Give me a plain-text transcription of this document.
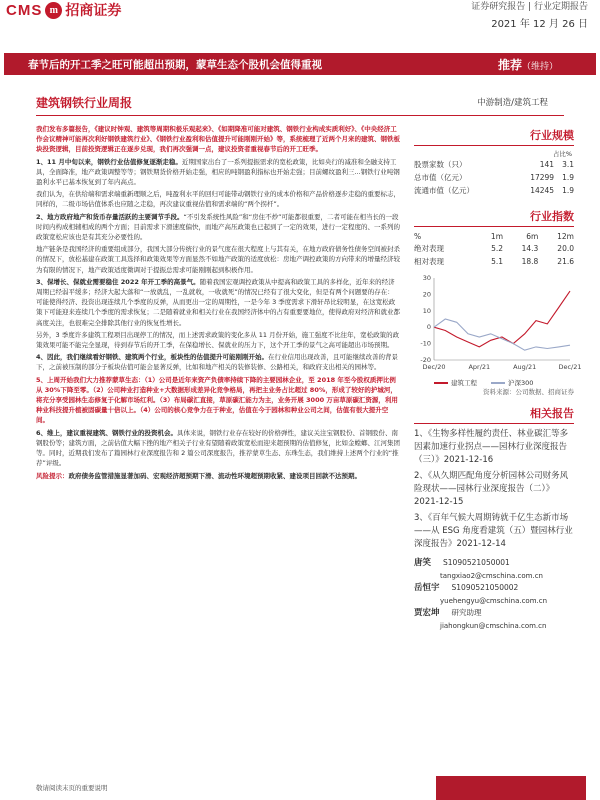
CMS m 招商证券	证券研究报告 | 行业定期报告
2021 年 12 月 26 日
春节后的开工季之旺可能超出预期，蒙草生态个股机会值得重视	推荐（维持）
建筑钢铁行业周报	中游制造/建筑工程

我们发布多篇报告，《建议时钟观、建筑等周期积极乐观起来》、《如期降准可能对建筑、钢铁行业构成实质利好》、《中央经济工作会议精神可能再次利好钢铁建筑行业》、《钢铁行业盈利和估值提升可能刚刚开始》等，系统梳理了近两个月来的建筑、钢铁板块投资逻辑，目前投资逻辑正在逐步兑现，我们再次强调一点，建议投资者重视春节后的开工旺季。

1、11 月中旬以来，钢铁行业估值修复逐渐走稳。近期国家出台了一系列提振需求的宽松政策，比如央行的减准和全融支持工具，全面降准，地产政策调整等等；钢铁期货价格开始走强，相应的吨钢盈利指标也开始走强；目前螺纹盈利三...钢铁行业吨钢盈利水平已基本恢复到了年内高点。

我们认为，在供给端和需求端重新理顺之后，吨盈利水平的回归可能带动钢铁行业的成本价格和产品价格逐步走稳的重要标志，同样的，二级市场估值体系也应随之走稳，再次建议重视估值和需求端的“两个拐杆”。

2、地方政府地产和货币存量活跃的主要调节手段。“不引发系统性风险”和“房住不炒”可能都很重要，二者可能在相当长的一段时间内构成相辅相成的两个方面；目前需求下滑速度偏快，而地产高压政策也已起到了一定的效果，进行一定程度的、一系列的政策宽松应该也是有其充分必要性的。

地产链条是我国经济的重要组成部分，我国大部分传统行业的景气度在很大程度上与其有关，在地方政府债务性债务空间被封杀的情况下，放松基建在政策工具选择和政策效果等方面显然不如地产政策的适度放松：房地产调控政策的方向带来的增量经济较为有限的情况下，地产政策适度微调对于提振总需求可能刚刚起到积极作用。

3、保增长、保就业需要稳住 2022 年开工季的高景气。随着我国宏观调控政策从中提高和政策工具的多样化，近年来的经济周期已经弱平缓多；经济大起大落和“一放就乱，一乱就收，一收就死”的情况已经有了很大变化，但是有两个问题要的存在：可能使得经济、投资出现连续几个季度的反弹，从而更出一定的周期性，一是今年 3 季度需求下滑轩昂比较明显，在这宽松政策下可能迎来连续几个季度的需求恢复；二是随着就业和相关行业在我国经济体中的占有重要要地位，使得政府对经济和就业都高度关注，也很难完全排除其他行业的恢复性增长。

另外，3 季度许多建筑工程项目出现停工的情况，而上述需求政策的变化多从 11 月份开始，施工强度不比往年，宽松政策的政策效果可能不能完全显现，待到春节后的开工季，在保稳增长、保就业的压力下，这个开工季的景气之高可能超出市场预期。

4、因此，我们继续看好钢铁、建筑两个行业，板块性的估值提升可能刚刚开始。在行业信用出现改善，且可能继续改善的背景下，之前被压制的部分子板块估值可能会显著反弹，比如和地产相关的装修装修、公路相关，和政府支出相关的园林等。

5、上周开始我们大力推荐蒙草生态：（1）公司是近年来资产负债率持续下降的主要园林企业，至 2018 年至今股权质押比例从 30%下降至零。（2）公司种业打造种业+大数据形成差异化竞争格局，再把主业务占比超过 80%，形成了较好的护城河，将充分享受园林生态修复于化解市场红利。（3）布局碳汇直接，草原碳汇能力为主，业务开展 3000 万亩草原碳汇资源，利用种业科技提升植被固碳量十倍以上。（4）公司的核心竞争力在于种业，估值在今于园林和种业公司之间，估值有很大提升空间。

6、维上，建议重视建筑、钢铁行业的投资机会。具体来说，钢铁行业存在较好的价格弹性，建议关注宝钢股份、首钢股份、南钢股份等；建筑方面，之前估值大幅下挫的地产相关子行业有望随着政策宽松而迎来超预期的估值修复，比如金螳螂、江河集团等。同时，近期我们发布了篇园林行业深度报告和 2 篇公司深度报告，推荐蒙草生态、东珠生态，我们维持上述两个行业的“推荐”评级。

风险提示：政府债务监管措施显著加码、宏观经济超预期下滑、流动性环境超预期收紧、建设项目回款不达预期。

行业规模
占比%
股票家数（只）	141	3.1
总市值（亿元）	17299	1.9
流通市值（亿元）	14245	1.9
行业指数
%	1m	6m	12m
绝对表现	5.2	14.3	20.0
相对表现	5.1	18.8	21.6
30
20
10
0
-10
-20
Dec/20	Apr/21	Aug/21	Dec/21
建筑工程	沪深300
资料来源：公司数据、招商证券
相关报告
1、《生物多样性履约责任、林业碳汇等多因素加速行业拐点——园林行业深度报告（三）》2021-12-16
2、《从久期匹配角度分析园林公司财务风险现状——园林行业深度报告（二）》2021-12-15
3、《百年气候大周期铸就千亿生态新市场——从 ESG 角度看建筑（五）暨园林行业深度报告》2021-12-14
唐笑 S1090521050001
tangxiao2@cmschina.com.cn
岳恒宇 S1090521050002
yuehengyu@cmschina.com.cn
贾宏坤 研究助理
jiahongkun@cmschina.com.cn
敬请阅读末页的重要说明
